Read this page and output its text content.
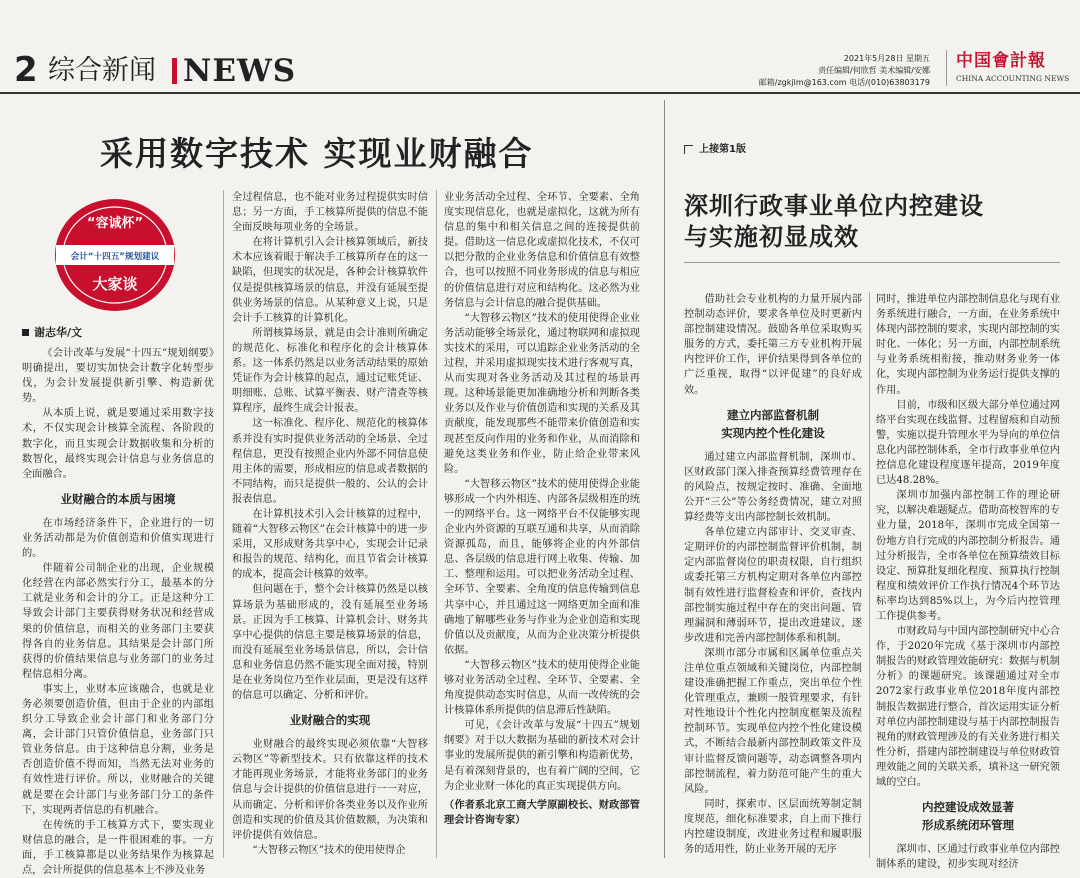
2 综合新闻 NEWS	2021年5月28日 星期五
责任编辑/何欣哲 美术编辑/安娜
邮箱/zgkjlm@163.com 电话/(010)63803179
中国會計報
CHINA ACCOUNTING NEWS
采用数字技术 实现业财融合
“容诚杯”
会计“十四五”规划建议
大家谈
谢志华/文

《会计改革与发展“十四五”规划纲要》明确提出，要切实加快会计数字化转型步伐，为会计发展提供新引擎、构造新优势。

从本质上说，就是要通过采用数字技术，不仅实现会计核算全流程、各阶段的数字化，而且实现会计数据收集和分析的数智化，最终实现会计信息与业务信息的全面融合。

业财融合的本质与困境

在市场经济条件下，企业进行的一切业务活动都是为价值创造和价值实现进行的。

伴随着公司制企业的出现，企业规模化经营在内部必然实行分工，最基本的分工就是业务和会计的分工。正是这种分工导致会计部门主要获得财务状况和经营成果的价值信息，而相关的业务部门主要获得各自的业务信息。其结果是会计部门所获得的价值结果信息与业务部门的业务过程信息相分离。

事实上，业财本应该融合，也就是业务必须要创造价值，但由于企业的内部组织分工导致企业会计部门和业务部门分离，会计部门只管价值信息，业务部门只管业务信息。由于这种信息分割，业务是否创造价值不得而知，当然无法对业务的有效性进行评价。所以，业财融合的关键就是要在会计部门与业务部门分工的条件下，实现两者信息的有机融合。

在传统的手工核算方式下，要实现业财信息的融合，是一件很困难的事。一方面，手工核算都是以业务结果作为核算起点，会计所提供的信息基本上不涉及业务

全过程信息，也不能对业务过程提供实时信息；另一方面，手工核算所提供的信息不能全面反映每项业务的全场景。

在将计算机引入会计核算领域后，新技术本应该着眼于解决手工核算所存在的这一缺陷，但现实的状况是，各种会计核算软件仅是提供核算场景的信息，并没有延展至提供业务场景的信息。从某种意义上说，只是会计手工核算的计算机化。

所谓核算场景，就是由会计准则所确定的规范化、标准化和程序化的会计核算体系。这一体系仍然是以业务活动结果的原始凭证作为会计核算的起点，通过记账凭证、明细账、总账、试算平衡表、财产清查等核算程序，最终生成会计报表。

这一标准化、程序化、规范化的核算体系并没有实时提供业务活动的全场景、全过程信息，更没有按照企业内外部不同信息使用主体的需要，形成相应的信息或者数据的不同结构，而只是提供一般的、公认的会计报表信息。

在计算机技术引入会计核算的过程中，随着“大智移云物区”在会计核算中的进一步采用，又形成财务共享中心，实现会计记录和报告的规范、结构化，而且节省会计核算的成本，提高会计核算的效率。

但问题在于，整个会计核算仍然是以核算场景为基础形成的，没有延展至业务场景。正因为手工核算、计算机会计、财务共享中心提供的信息主要是核算场景的信息，而没有延展至业务场景信息，所以，会计信息和业务信息仍然不能实现全面对接，特别是在业务岗位乃至作业层面，更是没有这样的信息可以确定、分析和评价。

业财融合的实现

业财融合的最终实现必须依靠“大智移云物区”等新型技术。只有依靠这样的技术才能再现业务场景，才能将业务部门的业务信息与会计提供的价值信息进行一一对应，从而确定、分析和评价各类业务以及作业所创造和实现的价值及其价值数额，为决策和评价提供有效信息。

“大智移云物区”技术的使用使得企

业业务活动全过程、全环节、全要素、全角度实现信息化，也就是虚拟化，这就为所有信息的集中和相关信息之间的连接提供前提。借助这一信息化或虚拟化技术，不仅可以把分散的企业业务信息和价值信息有效整合，也可以按照不同业务形成的信息与相应的价值信息进行对应和结构化。这必然为业务信息与会计信息的融合提供基础。

“大智移云物区”技术的使用使得企业业务活动能够全场景化，通过物联网和虚拟现实技术的采用，可以追踪企业业务活动的全过程，并采用虚拟现实技术进行客观写真，从而实现对各业务活动及其过程的场景再现。这种场景能更加准确地分析和判断各类业务以及作业与价值创造和实现的关系及其贡献度，能发现那些不能带来价值创造和实现甚至反向作用的业务和作业，从而消除和避免这类业务和作业，防止给企业带来风险。

“大智移云物区”技术的使用使得企业能够形成一个内外相连、内部各层级相连的统一的网络平台。这一网络平台不仅能够实现企业内外资源的互联互通和共享，从而消除资源孤岛，而且，能够将企业的内外部信息、各层级的信息进行网上收集、传输、加工、整理和运用。可以把业务活动全过程、全环节、全要素、全角度的信息传输到信息共享中心，并且通过这一网络更加全面和准确地了解哪些业务与作业为企业创造和实现价值以及贡献度，从而为企业决策分析提供依据。

“大智移云物区”技术的使用使得企业能够对业务活动全过程、全环节、全要素、全角度提供动态实时信息，从而一改传统的会计核算体系所提供的信息滞后性缺陷。

可见，《会计改革与发展“十四五”规划纲要》对于以大数据为基础的新技术对会计事业的发展所提供的新引擎和构造新优势，是有着深刻背景的，也有着广阔的空间，它为企业业财一体化的真正实现提供方向。

（作者系北京工商大学原副校长、财政部管理会计咨询专家）

上接第1版
深圳行政事业单位内控建设
与实施初显成效

借助社会专业机构的力量开展内部控制动态评价，要求各单位及时更新内部控制建设情况。鼓励各单位采取购买服务的方式，委托第三方专业机构开展内控评价工作，评价结果得到各单位的广泛重视，取得“以评促建”的良好成效。

建立内部监督机制
实现内控个性化建设

通过建立内部监督机制，深圳市、区财政部门深入排查预算经费管理存在的风险点，按规定按时、准确、全面地公开“三公”等公务经费情况，建立对照算经费等支出内部控制长效机制。

各单位建立内部审计、交叉审查、定期评价的内部控制监督评价机制，制定内部监督岗位的职责权限，自行组织或委托第三方机构定期对各单位内部控制有效性进行监督检查和评价，查找内部控制实施过程中存在的突出问题、管理漏洞和薄弱环节，提出改进建议，逐步改进和完善内部控制体系和机制。

深圳市部分市属和区属单位重点关注单位重点领域和关键岗位，内部控制建设准确把握工作重点，突出单位个性化管理重点，兼顾一般管理要求，有针对性地设计个性化内控制度框架及流程控制环节。实现单位内控个性化建设模式，不断结合最新内部控制政策文件及审计监督反馈问题等，动态调整各项内部控制流程，着力防范可能产生的重大风险。

同时，探索市、区层面统筹制定制度规范，细化标准要求，自上而下推行内控建设制度，改进业务过程和履职服务的适用性，防止业务开展的无序

同时，推进单位内部控制信息化与现有业务系统进行融合，一方面，在业务系统中体现内部控制的要求，实现内部控制的实时化、一体化；另一方面，内部控制系统与业务系统相衔接，推动财务业务一体化，实现内部控制为业务运行提供支撑的作用。

目前，市级和区级大部分单位通过网络平台实现在线监督、过程留痕和自动预警，实施以提升管理水平为导向的单位信息化内部控制体系，全市行政事业单位内控信息化建设程度逐年提高，2019年度已达48.28%。

深圳市加强内部控制工作的理论研究，以解决难题疑点。借助高校智库的专业力量，2018年，深圳市完成全国第一份地方自行完成的内部控制分析报告。通过分析报告，全市各单位在预算绩效目标设定、预算批复细化程度、预算执行控制程度和绩效评价工作执行情况4个环节达标率均达到85%以上，为今后内控管理工作提供参考。

市财政局与中国内部控制研究中心合作，于2020年完成《基于深圳市内部控制报告的财政管理效能研究：数据与机制分析》的课题研究。该课题通过对全市2072家行政事业单位2018年度内部控制报告数据进行整合，首次运用实证分析对单位内部控制建设与基于内部控制报告视角的财政管理涉及的有关业务进行相关性分析，搭建内部控制建设与单位财政管理效能之间的关联关系，填补这一研究领域的空白。

内控建设成效显著
形成系统闭环管理

深圳市、区通过行政事业单位内部控制体系的建设，初步实现对经济
